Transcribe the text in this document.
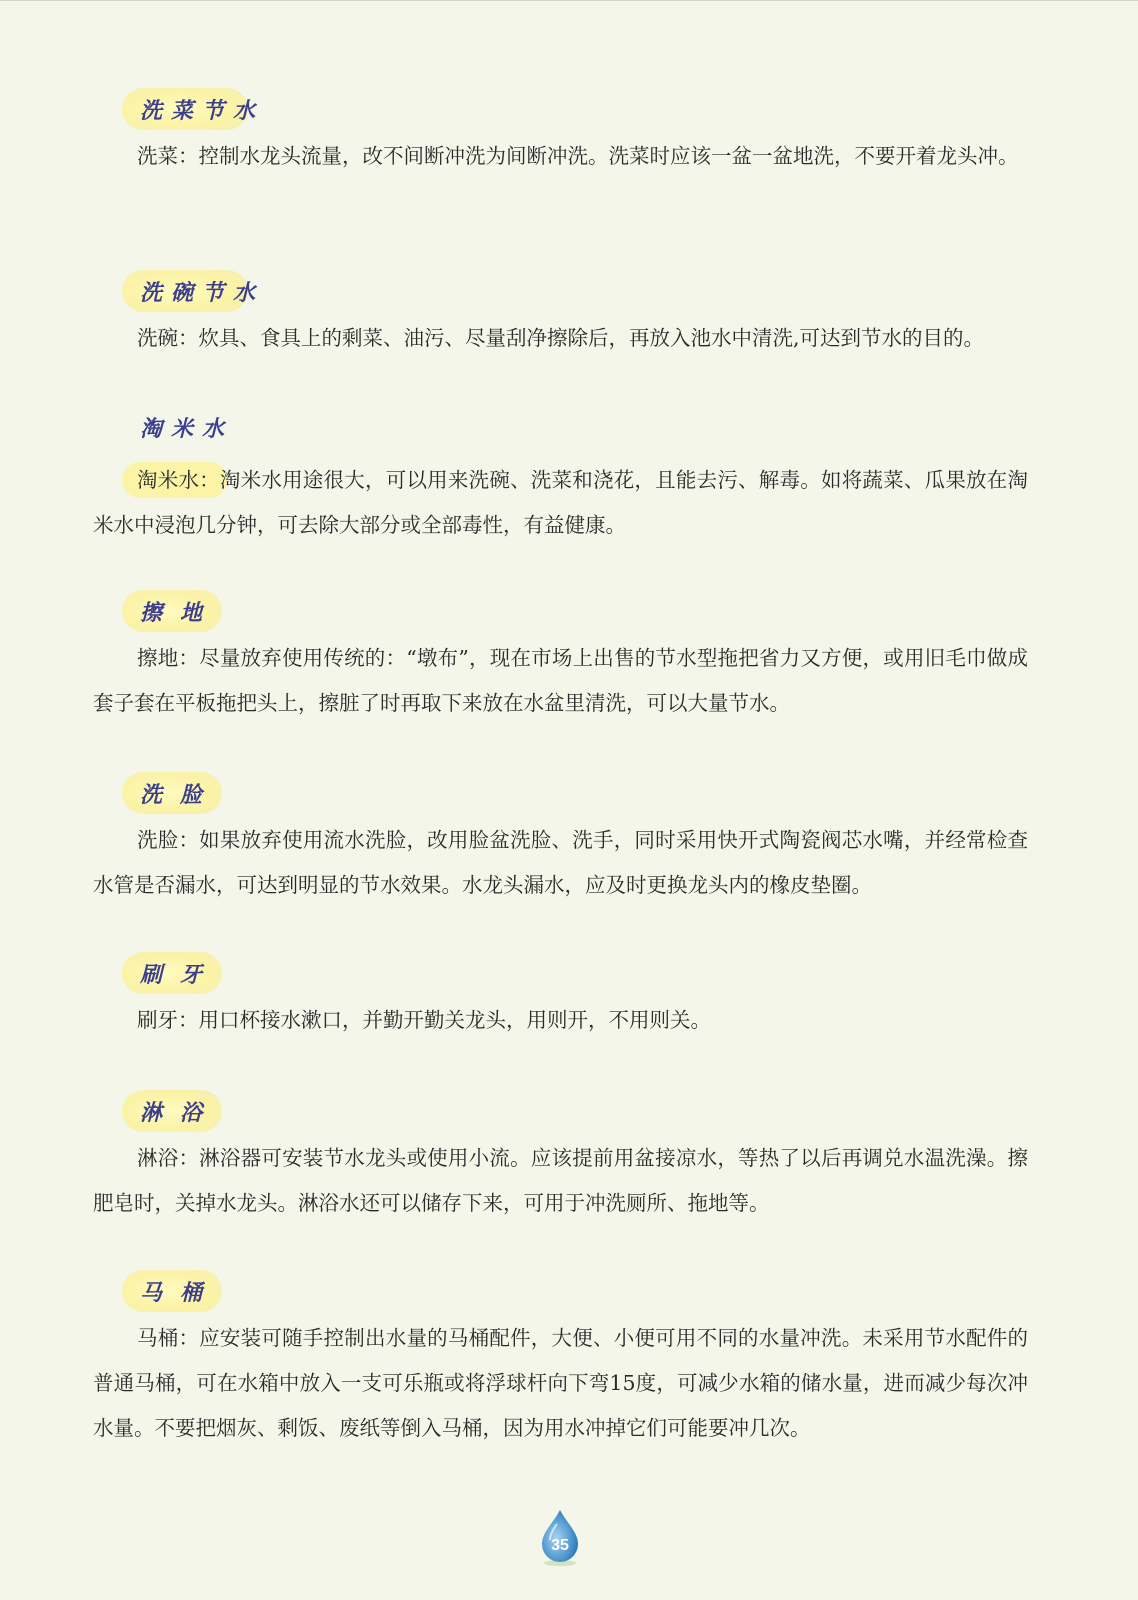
洗菜节水

洗菜：控制水龙头流量，改不间断冲洗为间断冲洗。洗菜时应该一盆一盆地洗，不要开着龙头冲。

洗碗节水

洗碗：炊具、食具上的剩菜、油污、尽量刮净擦除后，再放入池水中清洗,可达到节水的目的。

淘米水
淘米水：淘米水用途很大，可以用来洗碗、洗菜和浇花，且能去污、解毒。如将蔬菜、瓜果放在淘米水中浸泡几分钟，可去除大部分或全部毒性，有益健康。
擦地

擦地：尽量放弃使用传统的：“墩布”，现在市场上出售的节水型拖把省力又方便，或用旧毛巾做成套子套在平板拖把头上，擦脏了时再取下来放在水盆里清洗，可以大量节水。

洗脸

洗脸：如果放弃使用流水洗脸，改用脸盆洗脸、洗手，同时采用快开式陶瓷阀芯水嘴，并经常检查水管是否漏水，可达到明显的节水效果。水龙头漏水，应及时更换龙头内的橡皮垫圈。

刷牙

刷牙：用口杯接水漱口，并勤开勤关龙头，用则开，不用则关。

淋浴

淋浴：淋浴器可安装节水龙头或使用小流。应该提前用盆接凉水，等热了以后再调兑水温洗澡。擦肥皂时，关掉水龙头。淋浴水还可以储存下来，可用于冲洗厕所、拖地等。

马桶

马桶：应安装可随手控制出水量的马桶配件，大便、小便可用不同的水量冲洗。未采用节水配件的普通马桶，可在水箱中放入一支可乐瓶或将浮球杆向下弯15度，可减少水箱的储水量，进而减少每次冲水量。不要把烟灰、剩饭、废纸等倒入马桶，因为用水冲掉它们可能要冲几次。

35
